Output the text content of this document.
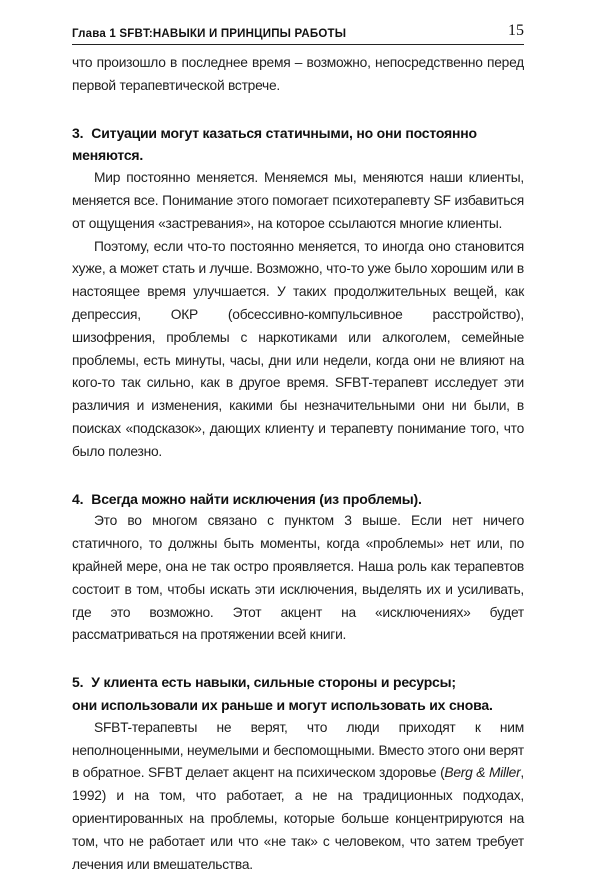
Глава 1 SFBT:НАВЫКИ И ПРИНЦИПЫ РАБОТЫ	15

что произошло в последнее время – возможно, непосредственно перед первой терапевтической встрече.

3. Ситуации могут казаться статичными, но они постоянно
меняются.

Мир постоянно меняется. Меняемся мы, меняются наши клиенты, меняется все. Понимание этого помогает психотерапевту SF избавиться от ощущения «застревания», на которое ссылаются многие клиенты.

Поэтому, если что-то постоянно меняется, то иногда оно становится хуже, а может стать и лучше. Возможно, что-то уже было хорошим или в настоящее время улучшается. У таких продолжительных вещей, как депрессия, ОКР (обсессивно-компульсивное расстройство), шизофрения, проблемы с наркотиками или алкоголем, семейные проблемы, есть минуты, часы, дни или недели, когда они не влияют на кого-то так сильно, как в другое время. SFBT-терапевт исследует эти различия и изменения, какими бы незначительными они ни были, в поисках «подсказок», дающих клиенту и терапевту понимание того, что было полезно.

4. Всегда можно найти исключения (из проблемы).

Это во многом связано с пунктом 3 выше. Если нет ничего статичного, то должны быть моменты, когда «проблемы» нет или, по крайней мере, она не так остро проявляется. Наша роль как терапевтов состоит в том, чтобы искать эти исключения, выделять их и усиливать, где это возможно. Этот акцент на «исключениях» будет рассматриваться на протяжении всей книги.

5. У клиента есть навыки, сильные стороны и ресурсы;
они использовали их раньше и могут использовать их снова.

SFBT-терапевты не верят, что люди приходят к ним неполноценными, неумелыми и беспомощными. Вместо этого они верят в обратное. SFBT делает акцент на психическом здоровье (Berg & Miller, 1992) и на том, что работает, а не на традиционных подходах, ориентированных на проблемы, которые больше концентрируются на том, что не работает или что «не так» с человеком, что затем требует лечения или вмешательства.
